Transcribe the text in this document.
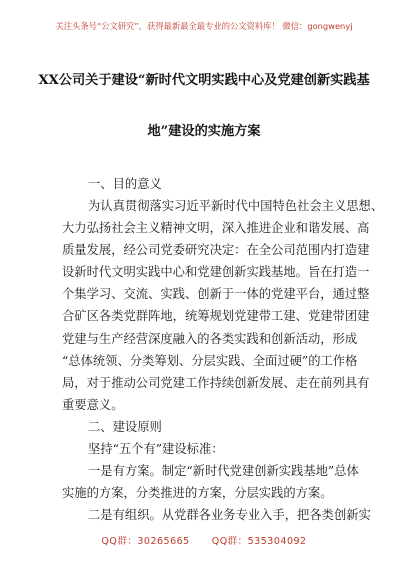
关注头条号“公文研究”，获得最新最全最专业的公文资料库！ 微信：gongwenyj
XX公司关于建设“新时代文明实践中心及党建创新实践基
地”建设的实施方案
一、目的意义
为认真贯彻落实习近平新时代中国特色社会主义思想、
大力弘扬社会主义精神文明，深入推进企业和谐发展、高
质量发展，经公司党委研究决定：在全公司范围内打造建
设新时代文明实践中心和党建创新实践基地。旨在打造一
个集学习、交流、实践、创新于一体的党建平台，通过整
合矿区各类党群阵地，统筹规划党建带工建、党建带团建
党建与生产经营深度融入的各类实践和创新活动，形成
“总体统领、分类筹划、分层实践、全面过硬”的工作格
局，对于推动公司党建工作持续创新发展、走在前列具有
重要意义。
二、建设原则
坚持“五个有”建设标准：
一是有方案。制定“新时代党建创新实践基地”总体
实施的方案，分类推进的方案，分层实践的方案。
二是有组织。从党群各业务专业入手，把各类创新实
QQ群：30265665 QQ群：535304092
